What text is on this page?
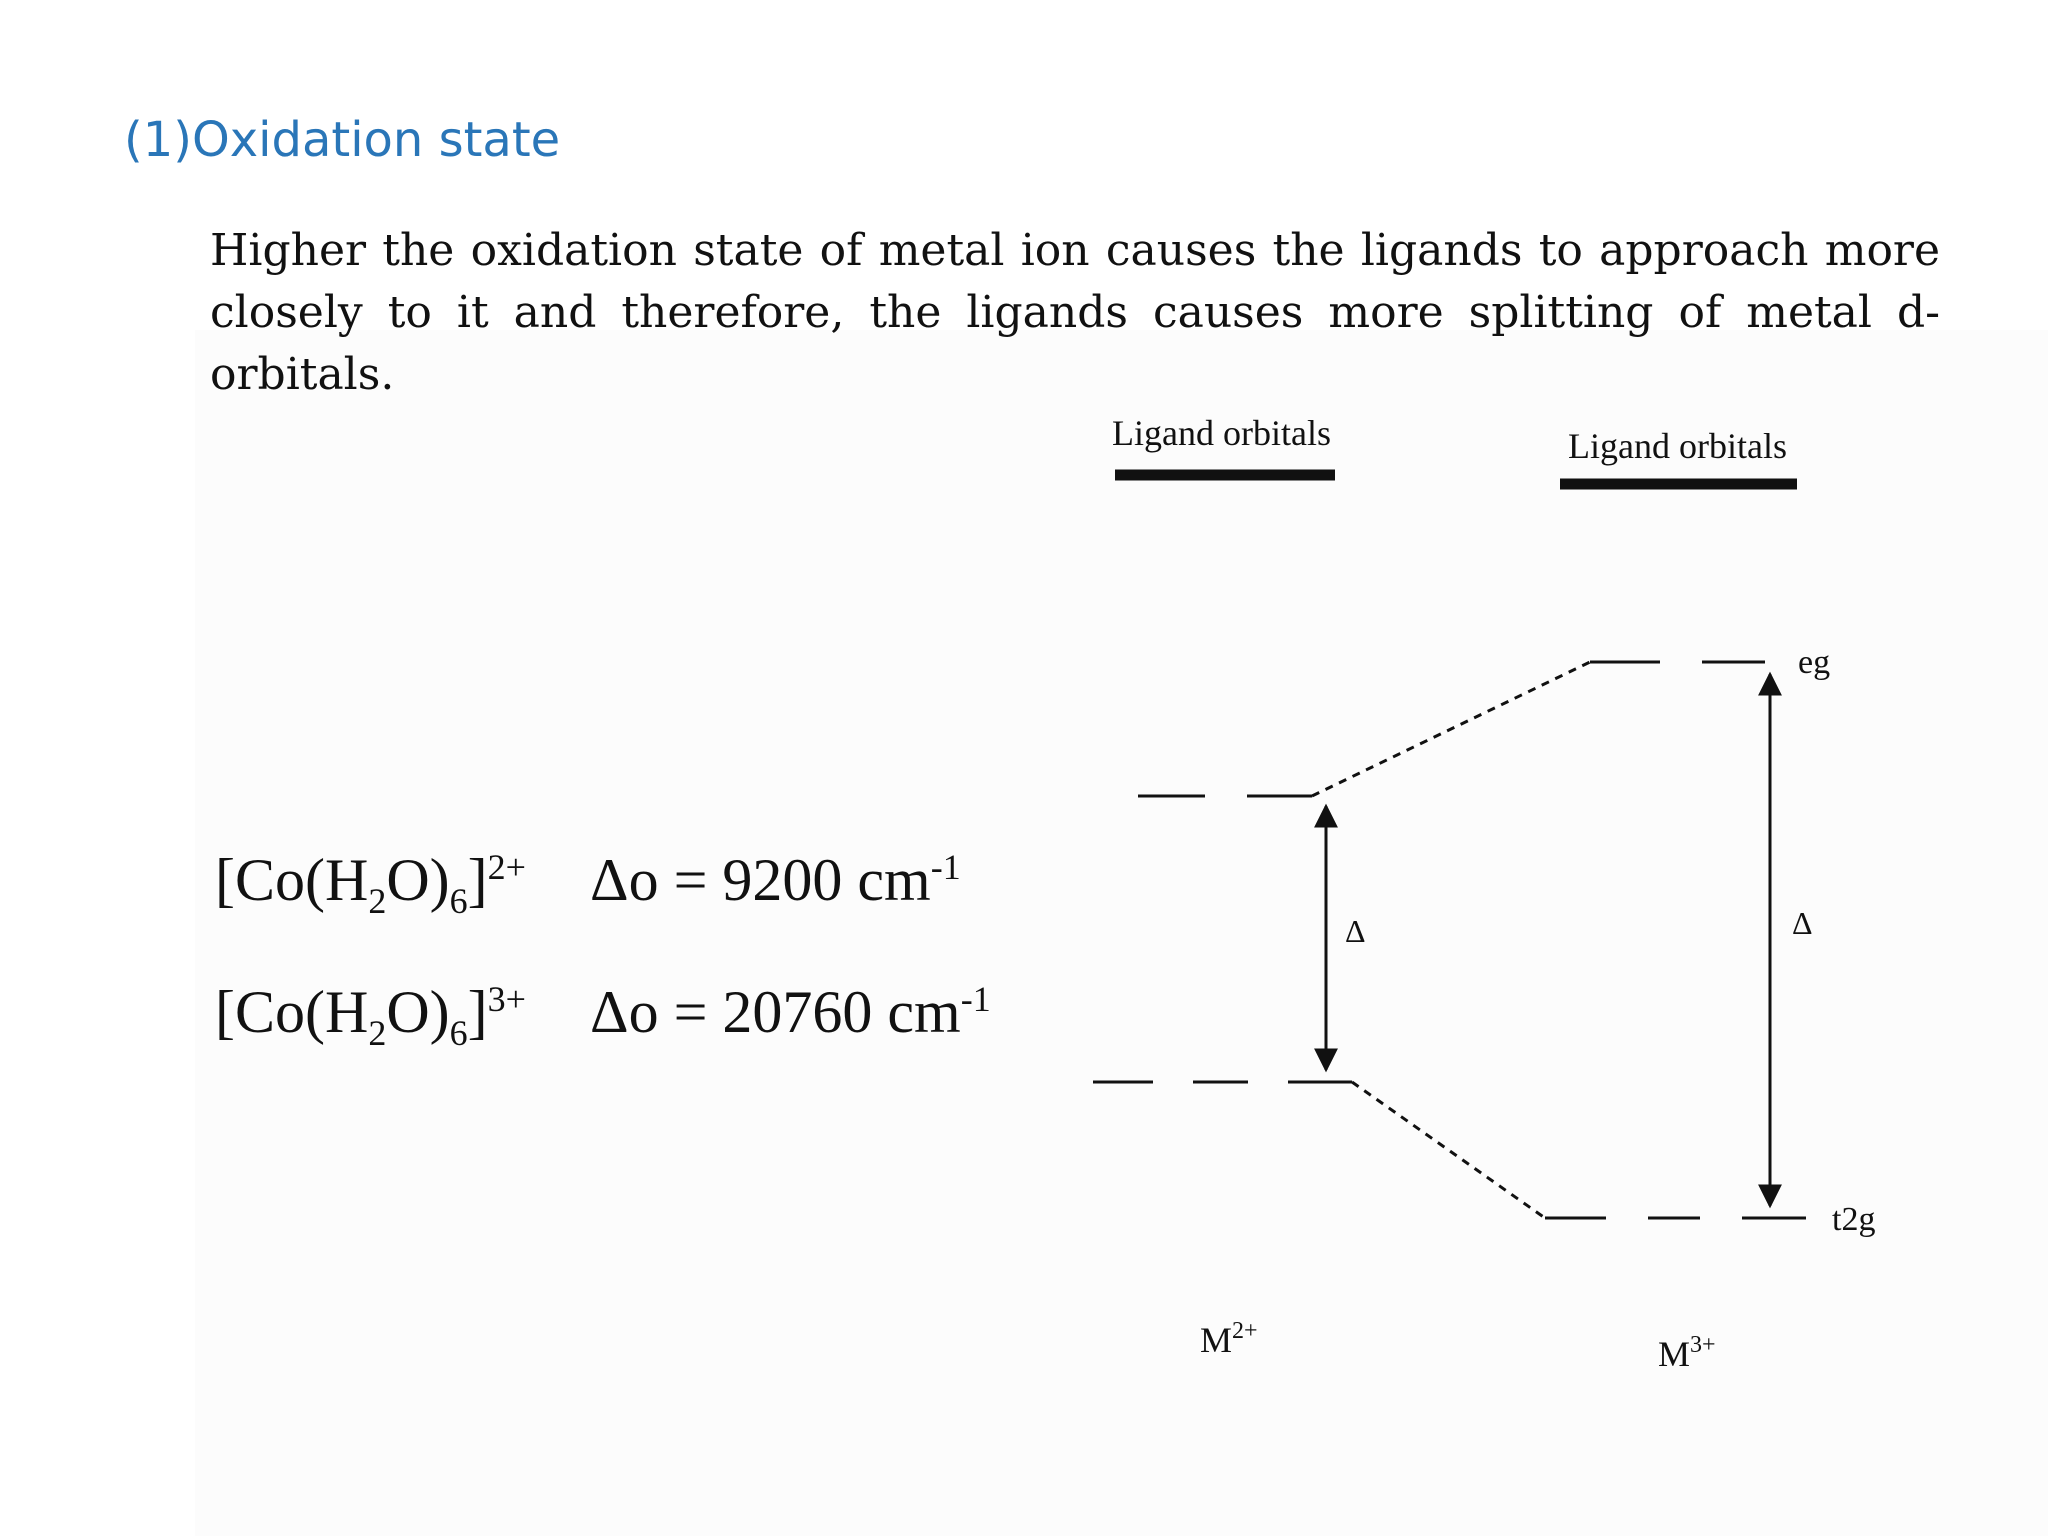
(1)Oxidation state
Higher the oxidation state of metal ion causes the ligands to approach more
closely to it and therefore, the ligands causes more splitting of metal d-orbitals.
$[Co(H_2O)_6]^{2+}$ Δo = 9200 $cm^{-1}$
$[Co(H_2O)_6]^{3+}$ Δo = 20760 $cm^{-1}$
Ligand orbitals	Ligand orbitals
Δ	Δ
eg
t2g
$M^{2+}$
$M^{3+}$
